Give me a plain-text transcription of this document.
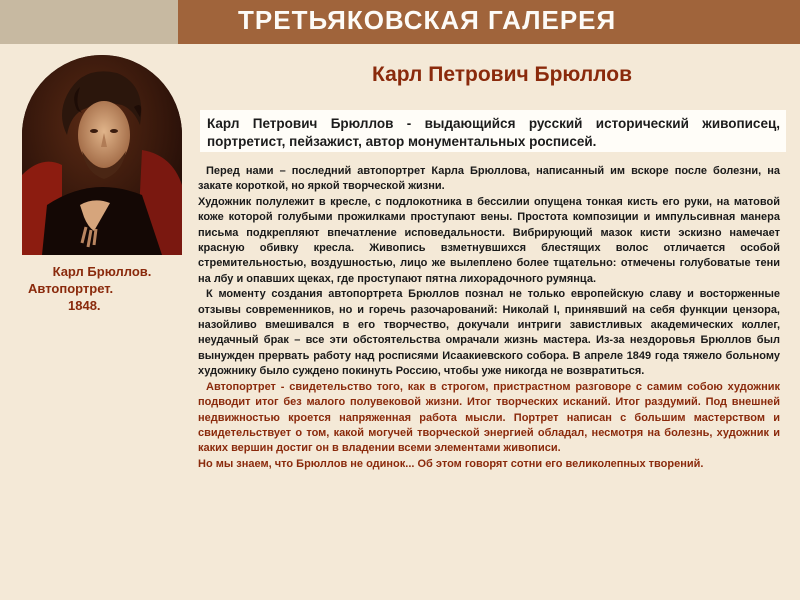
ТРЕТЬЯКОВСКАЯ ГАЛЕРЕЯ
Карл Брюллов.
Автопортрет.
1848.
Карл Петрович Брюллов
Карл Петрович Брюллов - выдающийся русский исторический живописец, портретист, пейзажист, автор монументальных росписей.

Перед нами – последний автопортрет Карла Брюллова, написанный им вскоре после болезни, на закате короткой, но яркой творческой жизни.

Художник полулежит в кресле, с подлокотника в бессилии опущена тонкая кисть его руки, на матовой коже которой голубыми прожилками проступают вены. Простота композиции и импульсивная манера письма подкрепляют впечатление исповедальности. Вибрирующий мазок кисти эскизно намечает красную обивку кресла. Живопись взметнувшихся блестящих волос отличается особой стремительностью, воздушностью, лицо же вылеплено более тщательно: отмечены голубоватые тени на лбу и опавших щеках, где проступают пятна лихорадочного румянца.

К моменту создания автопортрета Брюллов познал не только европейскую славу и восторженные отзывы современников, но и горечь разочарований: Николай I, принявший на себя функции цензора, назойливо вмешивался в его творчество, докучали интриги завистливых академических коллег, неудачный брак – все эти обстоятельства омрачали жизнь мастера. Из-за нездоровья Брюллов был вынужден прервать работу над росписями Исаакиевского собора. В апреле 1849 года тяжело больному художнику было суждено покинуть Россию, чтобы уже никогда не возвратиться.

Автопортрет - свидетельство того, как в строгом, пристрастном разговоре с самим собою художник подводит итог без малого полувековой жизни. Итог творческих исканий. Итог раздумий. Под внешней недвижностью кроется напряженная работа мысли. Портрет написан с большим мастерством и свидетельствует о том, какой могучей творческой энергией обладал, несмотря на болезнь, художник и каких вершин достиг он в владении всеми элементами живописи.

Но мы знаем, что Брюллов не одинок... Об этом говорят сотни его великолепных творений.
